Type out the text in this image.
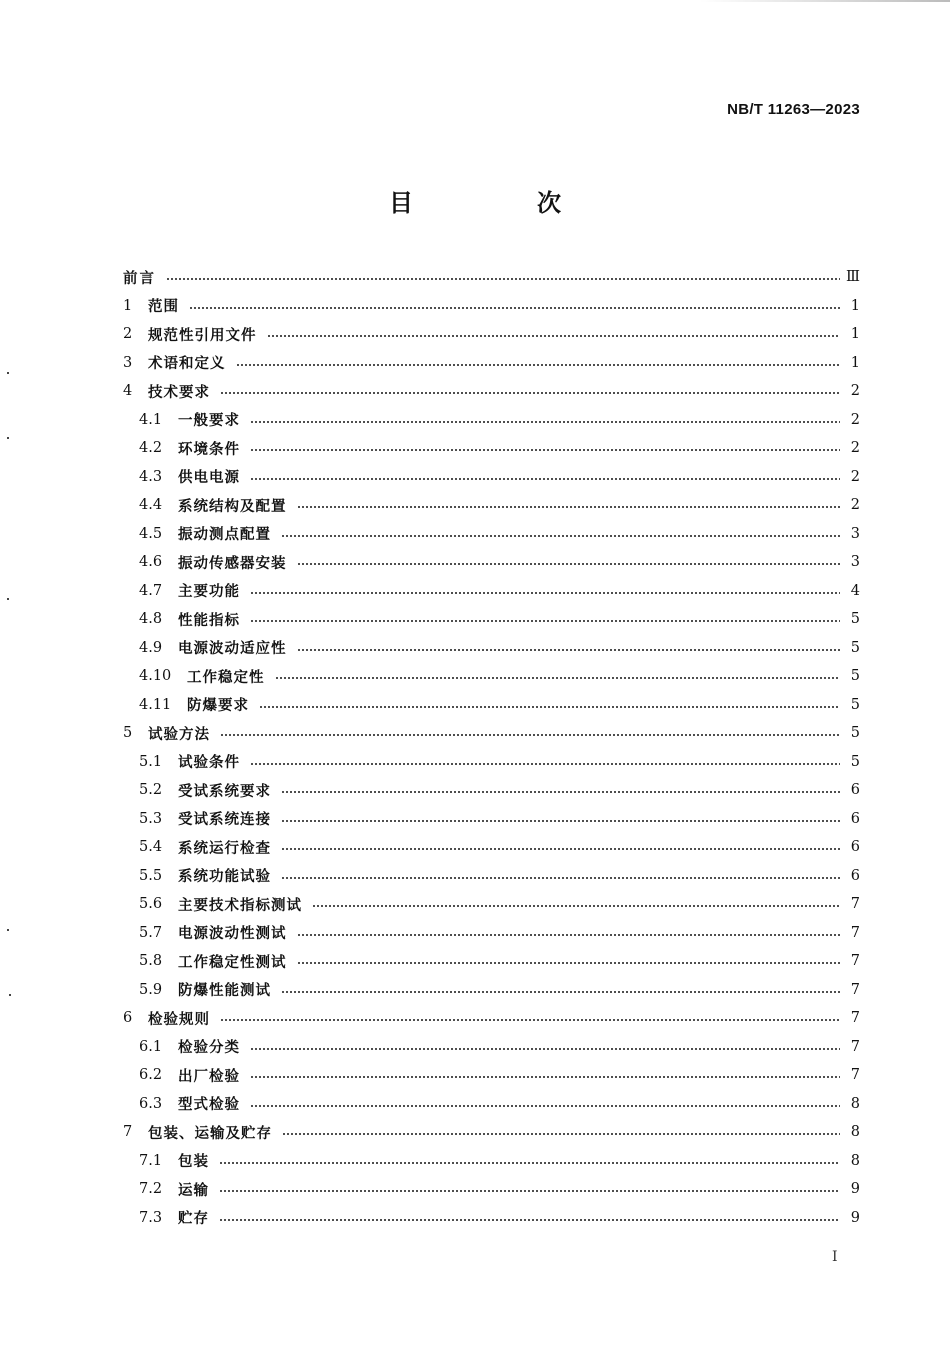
NB/T 11263—2023
目　次
前言	Ⅲ
1	范围	1
2	规范性引用文件	1
3	术语和定义	1
4	技术要求	2
4.1	一般要求	2
4.2	环境条件	2
4.3	供电电源	2
4.4	系统结构及配置	2
4.5	振动测点配置	3
4.6	振动传感器安装	3
4.7	主要功能	4
4.8	性能指标	5
4.9	电源波动适应性	5
4.10	工作稳定性	5
4.11	防爆要求	5
5	试验方法	5
5.1	试验条件	5
5.2	受试系统要求	6
5.3	受试系统连接	6
5.4	系统运行检查	6
5.5	系统功能试验	6
5.6	主要技术指标测试	7
5.7	电源波动性测试	7
5.8	工作稳定性测试	7
5.9	防爆性能测试	7
6	检验规则	7
6.1	检验分类	7
6.2	出厂检验	7
6.3	型式检验	8
7	包装、运输及贮存	8
7.1	包装	8
7.2	运输	9
7.3	贮存	9
I
